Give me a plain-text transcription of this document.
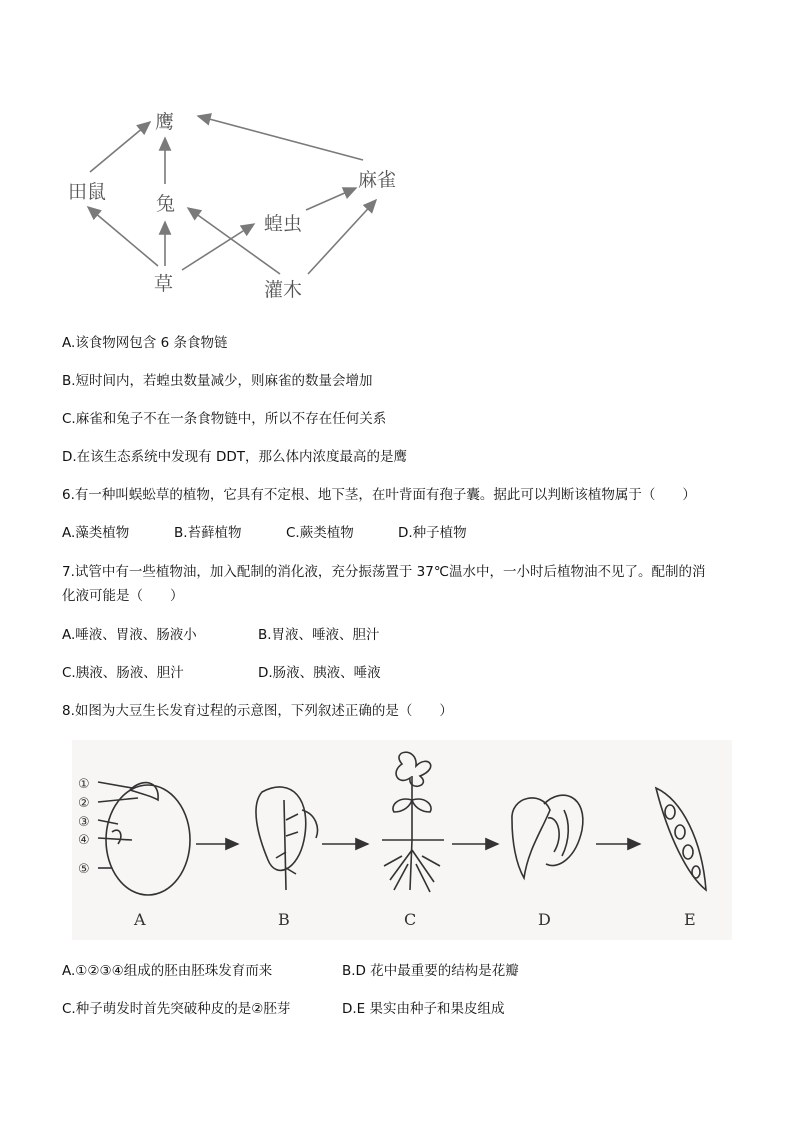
鹰
田鼠
兔
麻雀
蝗虫
草	灌木
A.该食物网包含 6 条食物链
B.短时间内，若蝗虫数量减少，则麻雀的数量会增加
C.麻雀和兔子不在一条食物链中，所以不存在任何关系
D.在该生态系统中发现有 DDT，那么体内浓度最高的是鹰
6.有一种叫蜈蚣草的植物，它具有不定根、地下茎，在叶背面有孢子囊。据此可以判断该植物属于（　　）
A.藻类植物	B.苔藓植物	C.蕨类植物	D.种子植物
7.试管中有一些植物油，加入配制的消化液，充分振荡置于 37℃温水中，一小时后植物油不见了。配制的消
化液可能是（　　）
A.唾液、胃液、肠液小	B.胃液、唾液、胆汁
C.胰液、肠液、胆汁	D.肠液、胰液、唾液
8.如图为大豆生长发育过程的示意图，下列叙述正确的是（　　）
①
②
③
④
⑤
A	B	C	D	E
A.①②③④组成的胚由胚珠发育而来	B.D 花中最重要的结构是花瓣
C.种子萌发时首先突破种皮的是②胚芽	D.E 果实由种子和果皮组成
